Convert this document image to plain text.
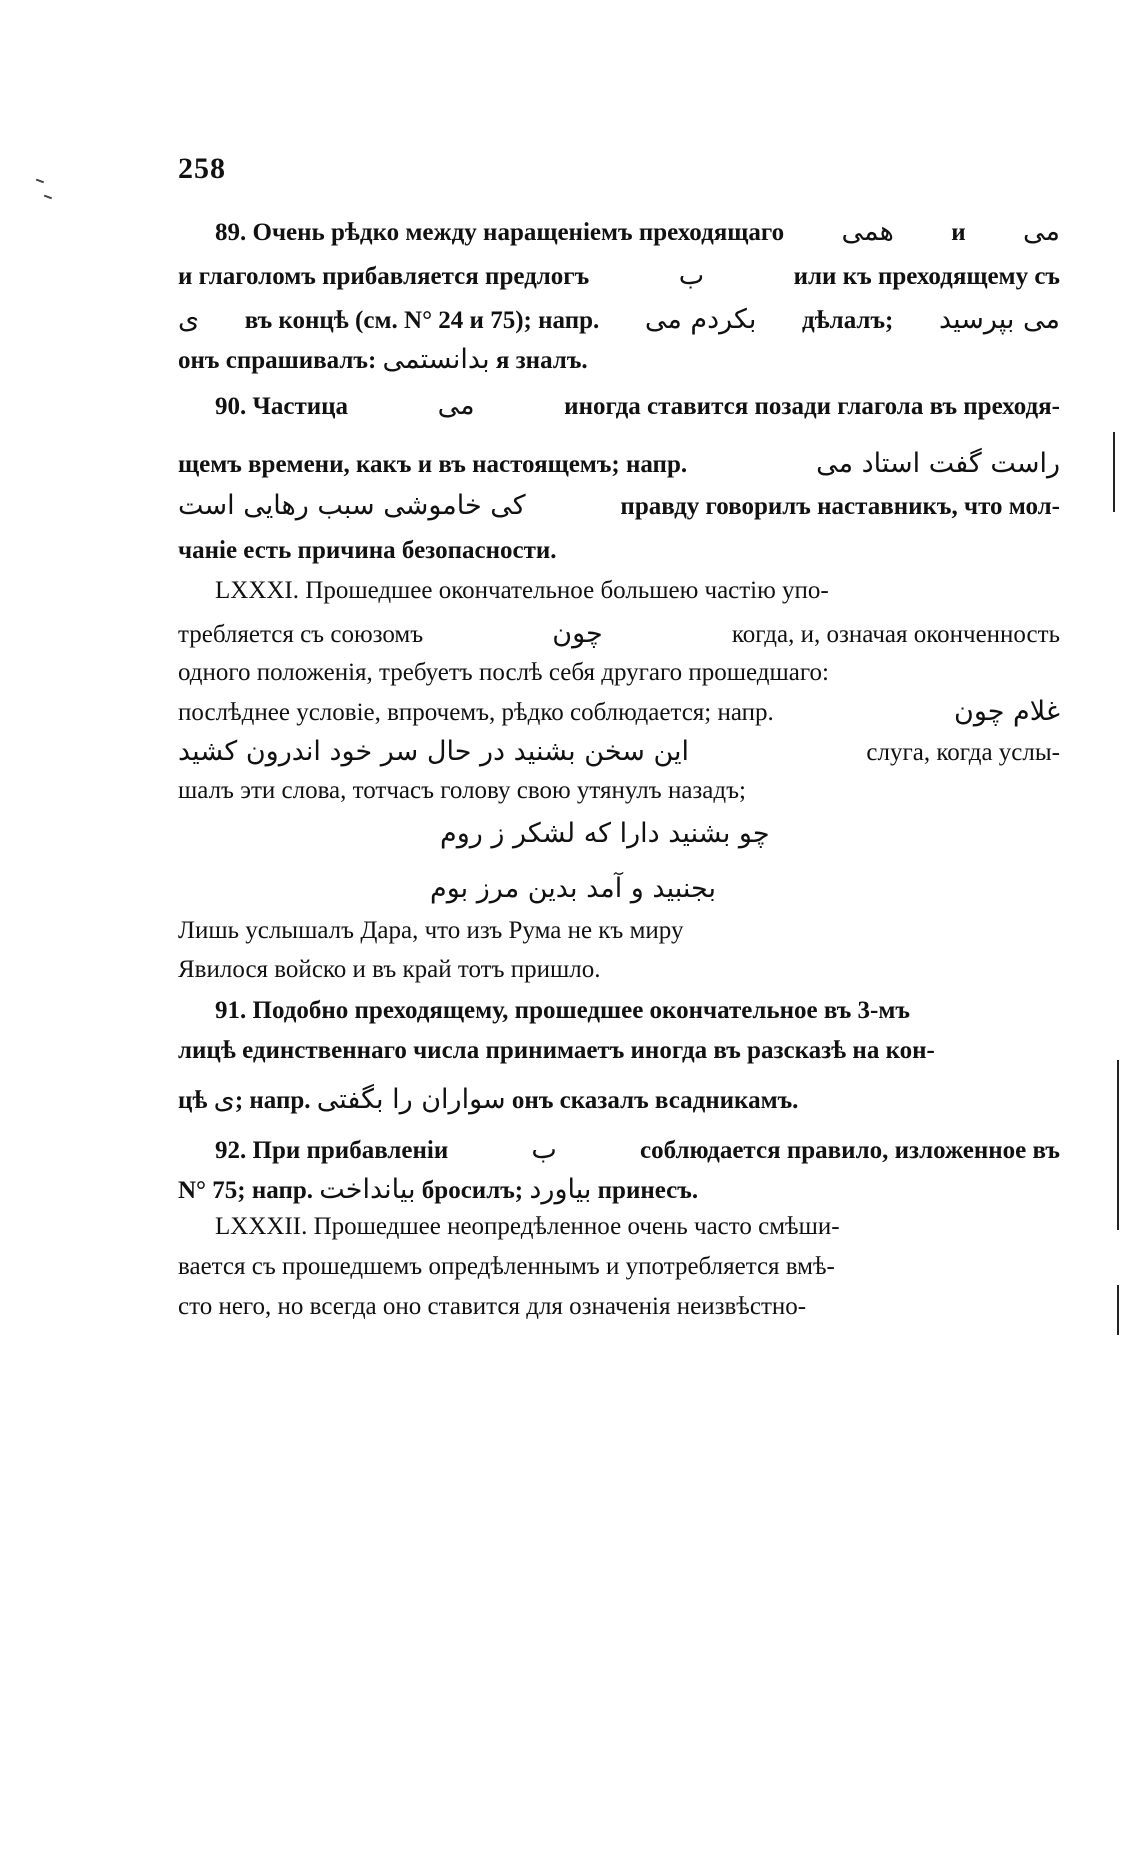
258
89. Очень рѣдко между наращеніемъ преходящаго همی и می
и глаголомъ прибавляется предлогъ	ب	или къ преходящему съ
ی въ концѣ (см. N° 24 и 75); напр. بکردم می дѣлалъ; می بپرسید
онъ спрашивалъ: بدانستمی я зналъ.
90. Частица	می	иногда ставится позади глагола въ преходя-
щемъ времени, какъ и въ настоящемъ; напр.	راست گفت استاد می
کی خاموشی سبب رهایی است	правду говорилъ наставникъ, что мол-
чаніе есть причина безопасности.
LXXXI. Прошедшее окончательное большею частію упо-
требляется съ союзомъ	چون	когда, и, означая оконченность
одного положенія, требуетъ послѣ себя другаго прошедшаго:
послѣднее условіе, впрочемъ, рѣдко соблюдается; напр.	غلام چون
این سخن بشنید در حال سر خود اندرون کشید	слуга, когда услы-
шалъ эти слова, тотчасъ голову свою утянулъ назадъ;
چو بشنید دارا که لشکر ز روم
بجنبید و آمد بدین مرز بوم
Лишь услышалъ Дара, что изъ Рума не къ миру
Явилося войско и въ край тотъ пришло.
91. Подобно преходящему, прошедшее окончательное въ 3-мъ
лицѣ единственнаго числа принимаетъ иногда въ разсказѣ на кон-
цѣ ی; напр. سواران را بگفتی онъ сказалъ всадникамъ.
92. При прибавленіи	ب	соблюдается правило, изложенное въ
N° 75; напр. بیانداخت бросилъ; بیاورد принесъ.
LXXXII. Прошедшее неопредѣленное очень часто смѣши-
вается съ прошедшемъ опредѣленнымъ и употребляется вмѣ-
сто него, но всегда оно ставится для означенія неизвѣстно-
